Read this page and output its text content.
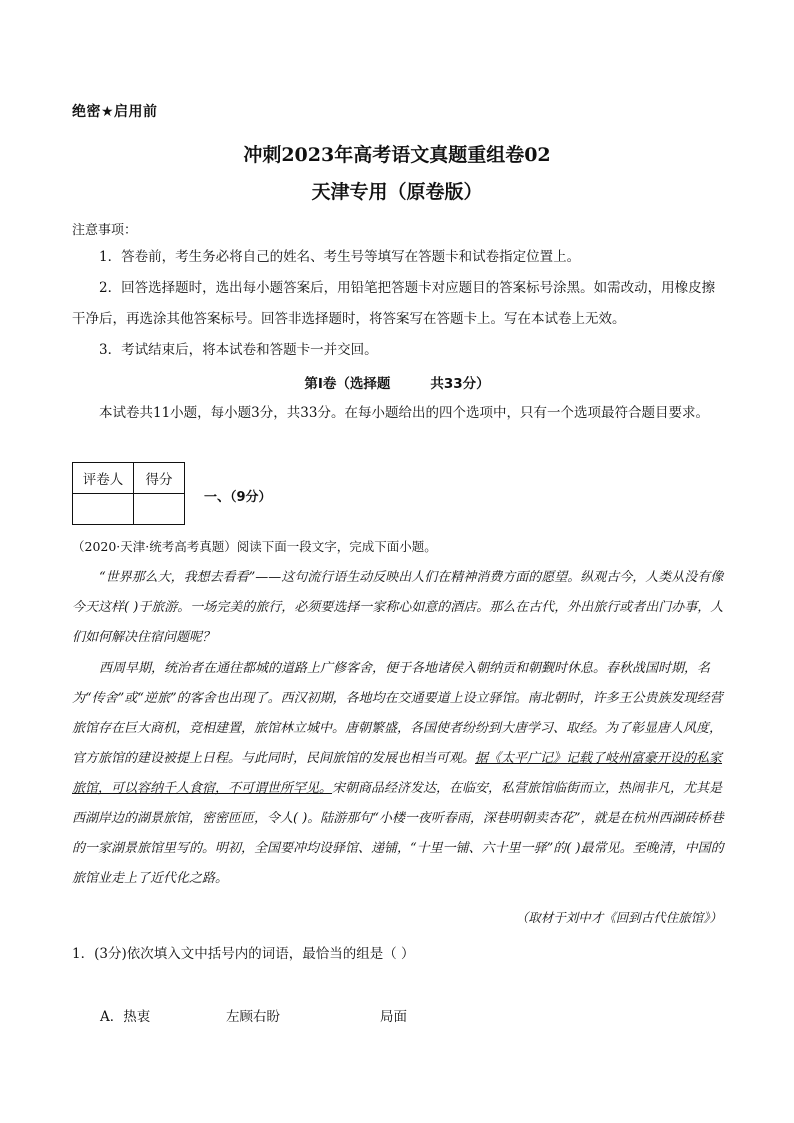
绝密★启用前
冲刺2023年高考语文真题重组卷02
天津专用（原卷版）
注意事项：
1．答卷前，考生务必将自己的姓名、考生号等填写在答题卡和试卷指定位置上。
2．回答选择题时，选出每小题答案后，用铅笔把答题卡对应题目的答案标号涂黑。如需改动，用橡皮擦干净后，再选涂其他答案标号。回答非选择题时，将答案写在答题卡上。写在本试卷上无效。
3．考试结束后，将本试卷和答题卡一并交回。
第Ⅰ卷（选择题	共33分）
本试卷共11小题，每小题3分，共33分。在每小题给出的四个选项中，只有一个选项最符合题目要求。
评卷人	得分

一、（9分）
（2020·天津·统考高考真题）阅读下面一段文字，完成下面小题。
“世界那么大，我想去看看”——这句流行语生动反映出人们在精神消费方面的愿望。纵观古今，人类从没有像今天这样( )于旅游。一场完美的旅行，必须要选择一家称心如意的酒店。那么在古代，外出旅行或者出门办事，人们如何解决住宿问题呢？
西周早期，统治者在通往都城的道路上广修客舍，便于各地诸侯入朝纳贡和朝觐时休息。春秋战国时期，名为“传舍”或“逆旅”的客舍也出现了。西汉初期，各地均在交通要道上设立驿馆。南北朝时，许多王公贵族发现经营旅馆存在巨大商机，竞相建置，旅馆林立城中。唐朝繁盛，各国使者纷纷到大唐学习、取经。为了彰显唐人风度，官方旅馆的建设被提上日程。与此同时，民间旅馆的发展也相当可观。据《太平广记》记载了岐州富豪开设的私家旅馆，可以容纳千人食宿，不可谓世所罕见。宋朝商品经济发达，在临安，私营旅馆临街而立，热闹非凡，尤其是西湖岸边的湖景旅馆，密密匝匝，令人( )。陆游那句“小楼一夜听春雨，深巷明朝卖杏花”，就是在杭州西湖砖桥巷的一家湖景旅馆里写的。明初，全国要冲均设驿馆、递铺，“十里一铺、六十里一驿”的( )最常见。至晚清，中国的旅馆业走上了近代化之路。
（取材于刘中才《回到古代住旅馆》）
1．(3分)依次填入文中括号内的词语，最恰当的组是（ ）
A．热衷	左顾右盼	局面
